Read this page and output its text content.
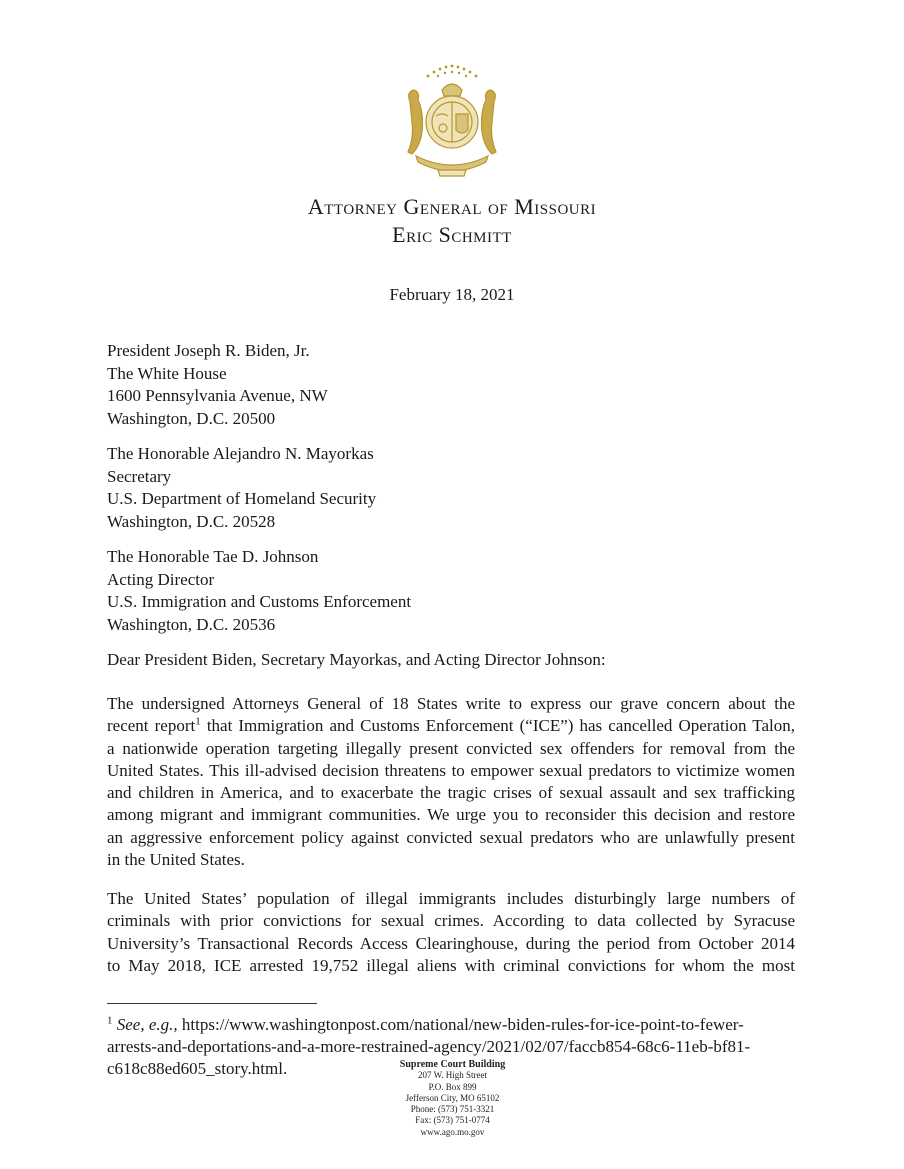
Attorney General of Missouri
Eric Schmitt
February 18, 2021
President Joseph R. Biden, Jr.
The White House
1600 Pennsylvania Avenue, NW
Washington, D.C. 20500
The Honorable Alejandro N. Mayorkas
Secretary
U.S. Department of Homeland Security
Washington, D.C. 20528
The Honorable Tae D. Johnson
Acting Director
U.S. Immigration and Customs Enforcement
Washington, D.C. 20536
Dear President Biden, Secretary Mayorkas, and Acting Director Johnson:
The undersigned Attorneys General of 18 States write to express our grave concern about the
recent report$^1$ that Immigration and Customs Enforcement (“ICE”) has cancelled Operation Talon,
a nationwide operation targeting illegally present convicted sex offenders for removal from the
United States. This ill-advised decision threatens to empower sexual predators to victimize women
and children in America, and to exacerbate the tragic crises of sexual assault and sex trafficking
among migrant and immigrant communities. We urge you to reconsider this decision and restore
an aggressive enforcement policy against convicted sexual predators who are unlawfully present
in the United States.
The United States’ population of illegal immigrants includes disturbingly large numbers of
criminals with prior convictions for sexual crimes. According to data collected by Syracuse
University’s Transactional Records Access Clearinghouse, during the period from October 2014
to May 2018, ICE arrested 19,752 illegal aliens with criminal convictions for whom the most
$^1$ See, e.g., https://www.washingtonpost.com/national/new-biden-rules-for-ice-point-to-fewer-
arrests-and-deportations-and-a-more-restrained-agency/2021/02/07/faccb854-68c6-11eb-bf81-
c618c88ed605_story.html.	Supreme Court Building
207 W. High Street
P.O. Box 899
Jefferson City, MO 65102
Phone: (573) 751-3321
Fax: (573) 751-0774
www.ago.mo.gov
